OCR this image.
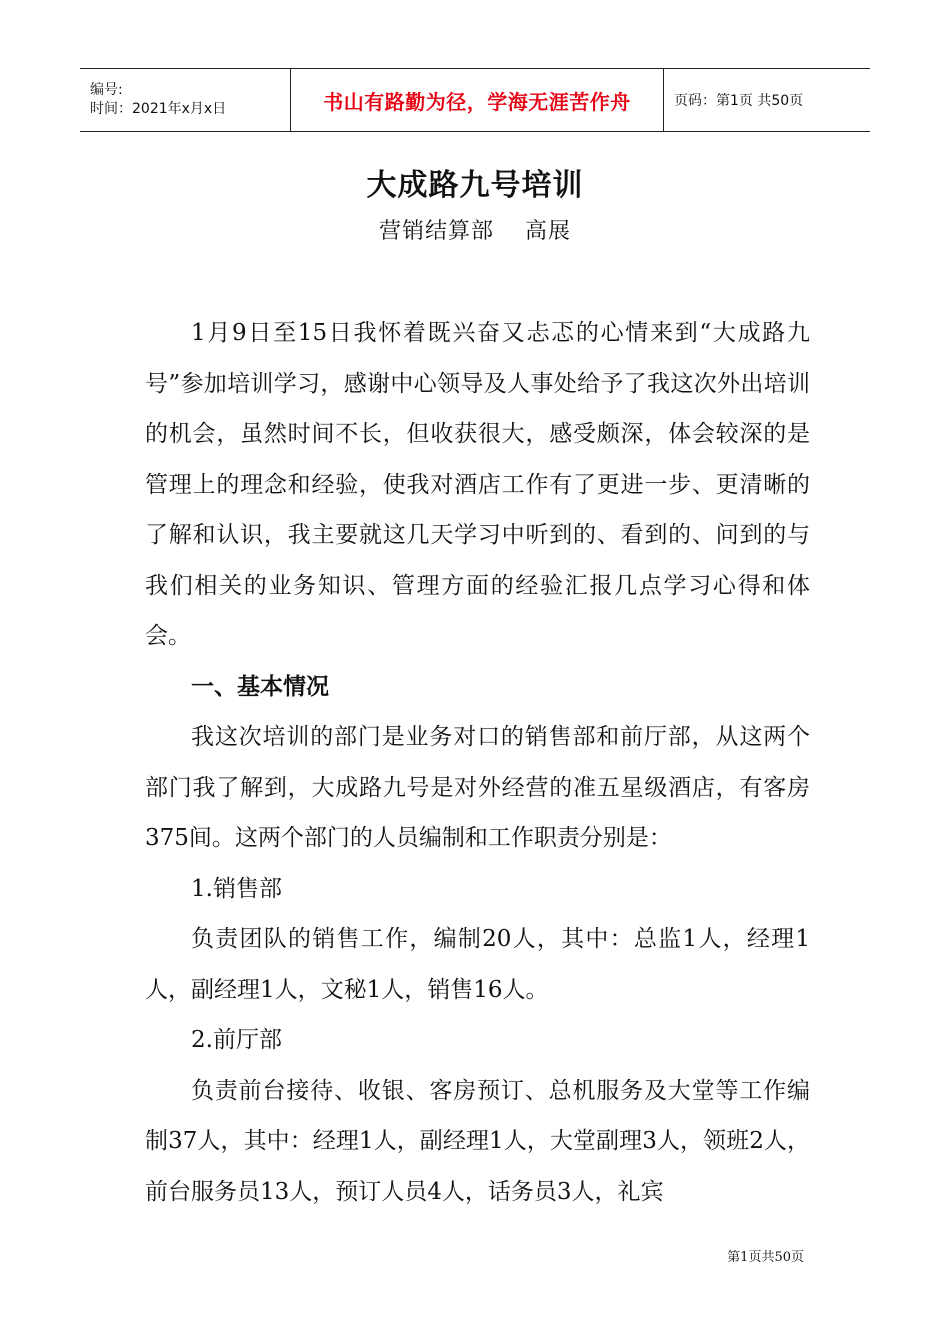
编号:
时间：2021年x月x日	书山有路勤为径，学海无涯苦作舟	页码：第1页 共50页
大成路九号培训
营销结算部　 高展

1月9日至15日我怀着既兴奋又忐忑的心情来到“大成路九号”参加培训学习，感谢中心领导及人事处给予了我这次外出培训的机会，虽然时间不长，但收获很大，感受颇深，体会较深的是管理上的理念和经验，使我对酒店工作有了更进一步、更清晰的了解和认识，我主要就这几天学习中听到的、看到的、问到的与我们相关的业务知识、管理方面的经验汇报几点学习心得和体会。

一、基本情况

我这次培训的部门是业务对口的销售部和前厅部，从这两个部门我了解到，大成路九号是对外经营的准五星级酒店，有客房375间。这两个部门的人员编制和工作职责分别是：

1.销售部

负责团队的销售工作，编制20人，其中：总监1人，经理1人，副经理1人，文秘1人，销售16人。

2.前厅部

负责前台接待、收银、客房预订、总机服务及大堂等工作编制37人，其中：经理1人，副经理1人，大堂副理3人，领班2人，前台服务员13人，预订人员4人，话务员3人，礼宾

第1页共50页
